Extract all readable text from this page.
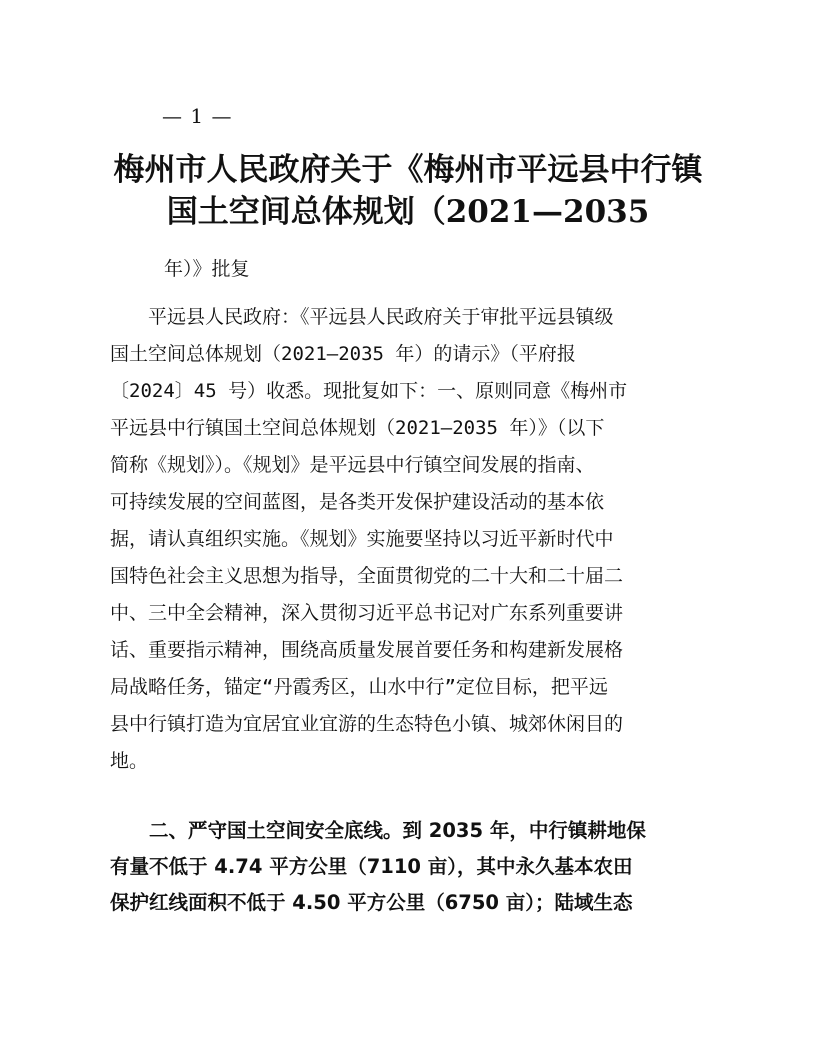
— 1 —
梅州市人民政府关于《梅州市平远县中行镇
国土空间总体规划（2021—2035
年）》批复
　　平远县人民政府：《平远县人民政府关于审批平远县镇级
国土空间总体规划（2021—2035 年）的请示》（平府报
〔2024〕45 号）收悉。现批复如下：一、原则同意《梅州市
平远县中行镇国土空间总体规划（2021—2035 年）》（以下
简称《规划》）。《规划》是平远县中行镇空间发展的指南、
可持续发展的空间蓝图，是各类开发保护建设活动的基本依
据，请认真组织实施。《规划》实施要坚持以习近平新时代中
国特色社会主义思想为指导，全面贯彻党的二十大和二十届二
中、三中全会精神，深入贯彻习近平总书记对广东系列重要讲
话、重要指示精神，围绕高质量发展首要任务和构建新发展格
局战略任务，锚定“丹霞秀区，山水中行”定位目标，把平远
县中行镇打造为宜居宜业宜游的生态特色小镇、城郊休闲目的
地。
　　二、严守国土空间安全底线。到 2035 年，中行镇耕地保
有量不低于 4.74 平方公里（7110 亩），其中永久基本农田
保护红线面积不低于 4.50 平方公里（6750 亩）；陆域生态
